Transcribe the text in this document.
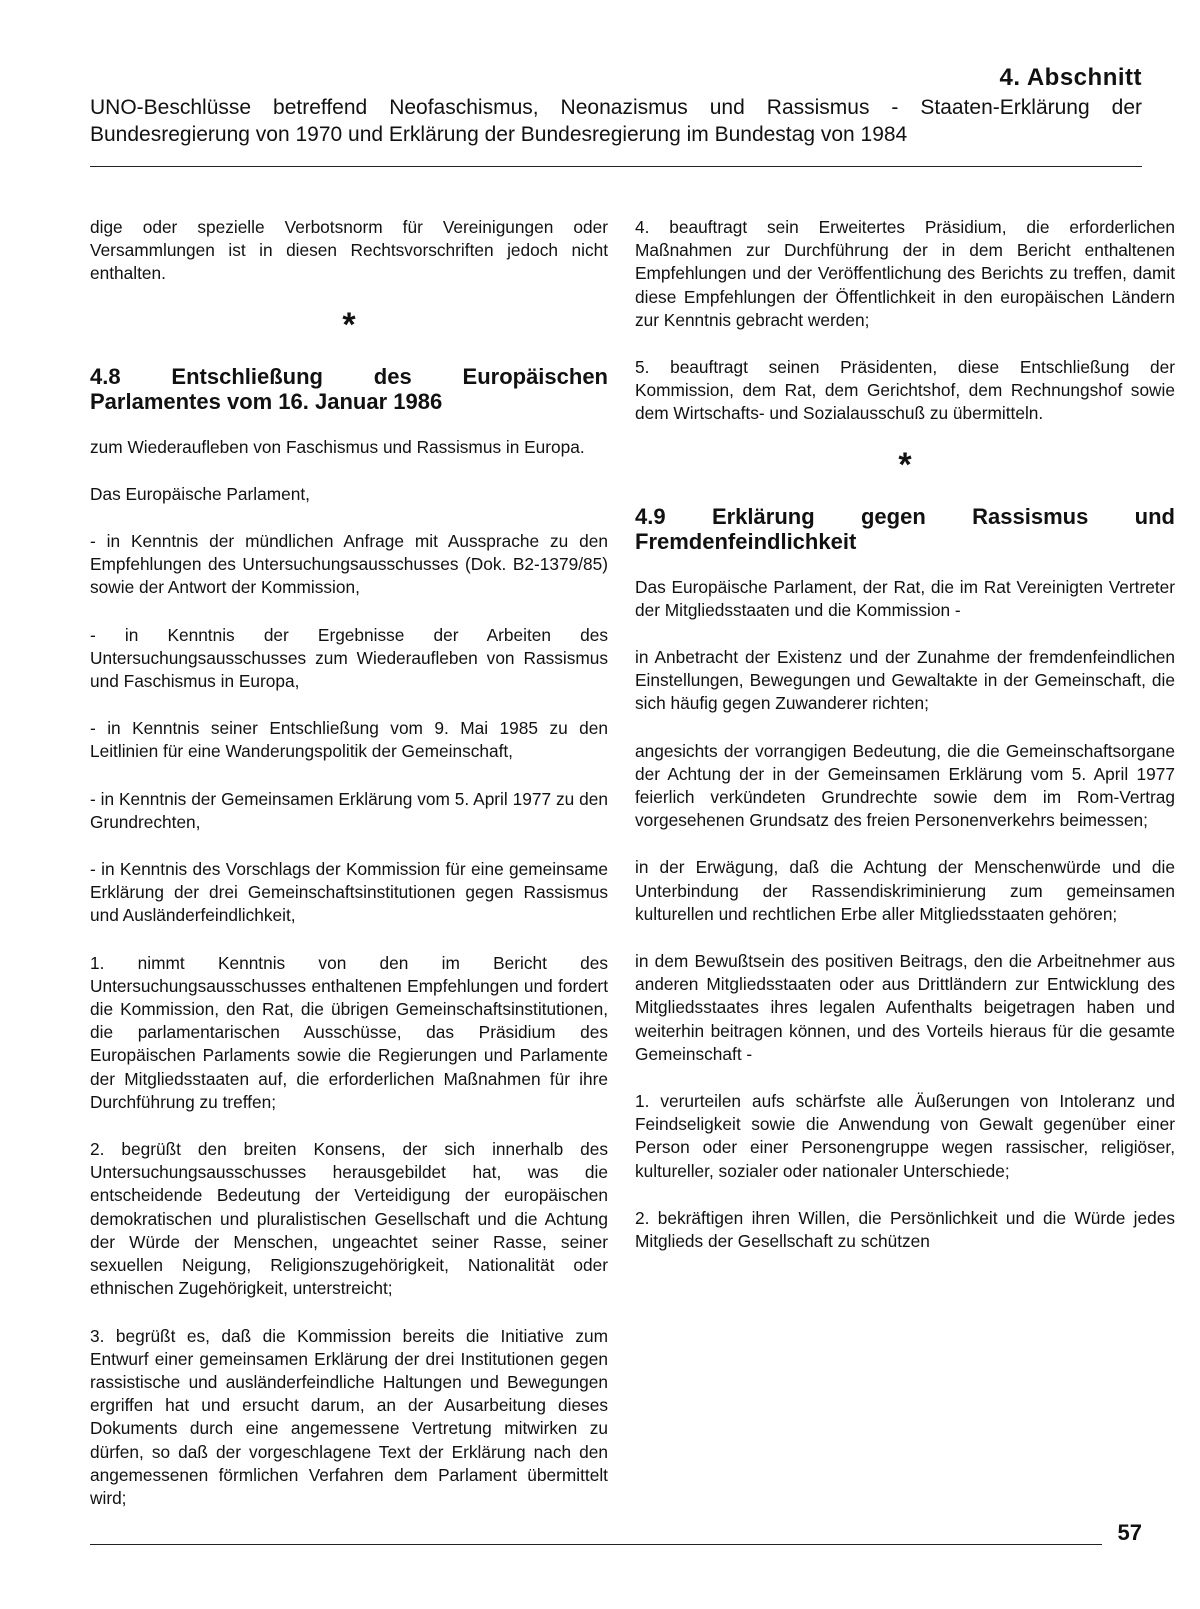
4. Abschnitt
UNO-Beschlüsse betreffend Neofaschismus, Neonazismus und Rassismus - Staaten-Erklärung der Bundesregierung von 1970 und Erklärung der Bundesregierung im Bundestag von 1984

dige oder spezielle Verbotsnorm für Vereinigungen oder Versammlungen ist in diesen Rechtsvorschriften jedoch nicht enthalten.

*
4.8 Entschließung des Europäischen Parlamentes vom 16. Januar 1986

zum Wiederaufleben von Faschismus und Rassismus in Europa.

Das Europäische Parlament,

- in Kenntnis der mündlichen Anfrage mit Aussprache zu den Empfehlungen des Untersuchungsausschusses (Dok. B2-1379/85) sowie der Antwort der Kommission,

- in Kenntnis der Ergebnisse der Arbeiten des Untersuchungsausschusses zum Wiederaufleben von Rassismus und Faschismus in Europa,

- in Kenntnis seiner Entschließung vom 9. Mai 1985 zu den Leitlinien für eine Wanderungspolitik der Gemeinschaft,

- in Kenntnis der Gemeinsamen Erklärung vom 5. April 1977 zu den Grundrechten,

- in Kenntnis des Vorschlags der Kommission für eine gemeinsame Erklärung der drei Gemeinschaftsinstitutionen gegen Rassismus und Ausländerfeindlichkeit,

1. nimmt Kenntnis von den im Bericht des Untersuchungsausschusses enthaltenen Empfehlungen und fordert die Kommission, den Rat, die übrigen Gemeinschaftsinstitutionen, die parlamentarischen Ausschüsse, das Präsidium des Europäischen Parlaments sowie die Regierungen und Parlamente der Mitgliedsstaaten auf, die erforderlichen Maßnahmen für ihre Durchführung zu treffen;

2. begrüßt den breiten Konsens, der sich innerhalb des Untersuchungsausschusses herausgebildet hat, was die entscheidende Bedeutung der Verteidigung der europäischen demokratischen und pluralistischen Gesellschaft und die Achtung der Würde der Menschen, ungeachtet seiner Rasse, seiner sexuellen Neigung, Religionszugehörigkeit, Nationalität oder ethnischen Zugehörigkeit, unterstreicht;

3. begrüßt es, daß die Kommission bereits die Initiative zum Entwurf einer gemeinsamen Erklärung der drei Institutionen gegen rassistische und ausländerfeindliche Haltungen und Bewegungen ergriffen hat und ersucht darum, an der Ausarbeitung dieses Dokuments durch eine angemessene Vertretung mitwirken zu dürfen, so daß der vorgeschlagene Text der Erklärung nach den angemessenen förmlichen Verfahren dem Parlament übermittelt wird;

4. beauftragt sein Erweitertes Präsidium, die erforderlichen Maßnahmen zur Durchführung der in dem Bericht enthaltenen Empfehlungen und der Veröffentlichung des Berichts zu treffen, damit diese Empfehlungen der Öffentlichkeit in den europäischen Ländern zur Kenntnis gebracht werden;

5. beauftragt seinen Präsidenten, diese Entschließung der Kommission, dem Rat, dem Gerichtshof, dem Rechnungshof sowie dem Wirtschafts- und Sozialausschuß zu übermitteln.

*
4.9 Erklärung gegen Rassismus und Fremdenfeindlichkeit

Das Europäische Parlament, der Rat, die im Rat Vereinigten Vertreter der Mitgliedsstaaten und die Kommission -

in Anbetracht der Existenz und der Zunahme der fremdenfeindlichen Einstellungen, Bewegungen und Gewaltakte in der Gemeinschaft, die sich häufig gegen Zuwanderer richten;

angesichts der vorrangigen Bedeutung, die die Gemeinschaftsorgane der Achtung der in der Gemeinsamen Erklärung vom 5. April 1977 feierlich verkündeten Grundrechte sowie dem im Rom-Vertrag vorgesehenen Grundsatz des freien Personenverkehrs beimessen;

in der Erwägung, daß die Achtung der Menschenwürde und die Unterbindung der Rassendiskriminierung zum gemeinsamen kulturellen und rechtlichen Erbe aller Mitgliedsstaaten gehören;

in dem Bewußtsein des positiven Beitrags, den die Arbeitnehmer aus anderen Mitgliedsstaaten oder aus Drittländern zur Entwicklung des Mitgliedsstaates ihres legalen Aufenthalts beigetragen haben und weiterhin beitragen können, und des Vorteils hieraus für die gesamte Gemeinschaft -

1. verurteilen aufs schärfste alle Äußerungen von Intoleranz und Feindseligkeit sowie die Anwendung von Gewalt gegenüber einer Person oder einer Personengruppe wegen rassischer, religiöser, kultureller, sozialer oder nationaler Unterschiede;

2. bekräftigen ihren Willen, die Persönlichkeit und die Würde jedes Mitglieds der Gesellschaft zu schützen

57
